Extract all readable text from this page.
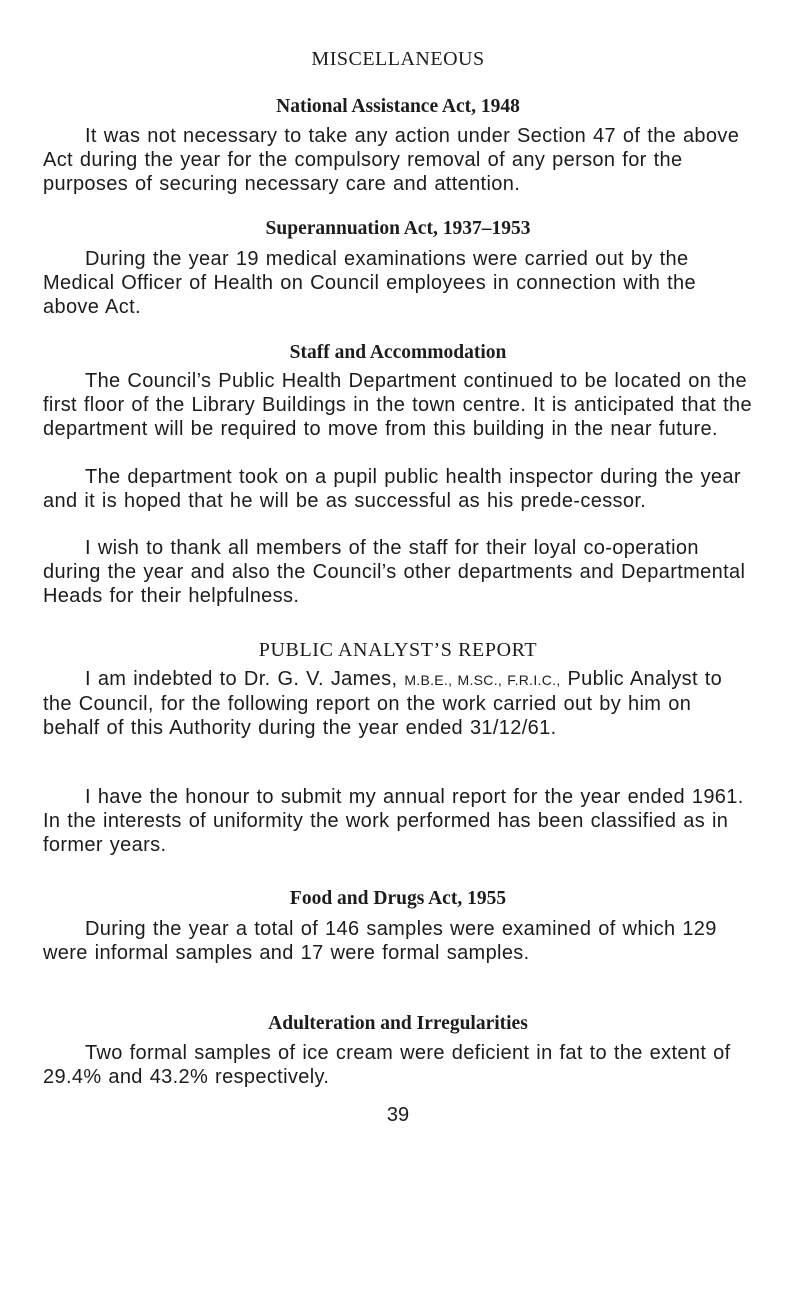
MISCELLANEOUS
National Assistance Act, 1948

It was not necessary to take any action under Section 47 of the above Act during the year for the compulsory removal of any person for the purposes of securing necessary care and attention.

Superannuation Act, 1937–1953

During the year 19 medical examinations were carried out by the Medical Officer of Health on Council employees in connection with the above Act.

Staff and Accommodation

The Council’s Public Health Department continued to be located on the first floor of the Library Buildings in the town centre. It is anticipated that the department will be required to move from this building in the near future.

The department took on a pupil public health inspector during the year and it is hoped that he will be as successful as his prede-cessor.

I wish to thank all members of the staff for their loyal co-operation during the year and also the Council’s other departments and Departmental Heads for their helpfulness.

PUBLIC ANALYST’S REPORT

I am indebted to Dr. G. V. James, M.B.E., M.SC., F.R.I.C., Public Analyst to the Council, for the following report on the work carried out by him on behalf of this Authority during the year ended 31/12/61.

I have the honour to submit my annual report for the year ended 1961. In the interests of uniformity the work performed has been classified as in former years.

Food and Drugs Act, 1955

During the year a total of 146 samples were examined of which 129 were informal samples and 17 were formal samples.

Adulteration and Irregularities

Two formal samples of ice cream were deficient in fat to the extent of 29.4% and 43.2% respectively.

39
